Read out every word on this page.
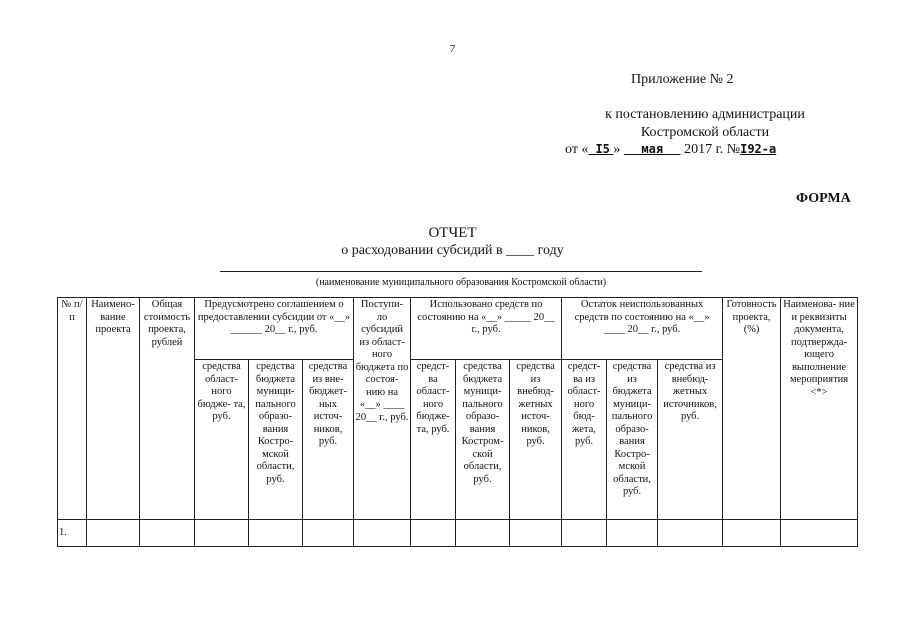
7
Приложение № 2
к постановлению администрации
Костромской области
от « I5 » мая 2017 г. №I92-а
ФОРМА
ОТЧЕТ
о расходовании субсидий в ____ году
(наименование муниципального образования Костромской области)
№ п/п	Наимено- вание проекта	Общая стоимость проекта, рублей	Предусмотрено соглашением о предоставлении субсидии от «__» ______ 20__ г., руб.			Поступи- ло субсидий из област- ного бюджета по состоя- нию на «__» ____ 20__ г., руб.	Использовано средств по состоянию на «__» _____ 20__ г., руб.			Остаток неиспользованных средств по состоянию на «__» ____ 20__ г., руб.			Готовность проекта, (%)	Наименова- ние и реквизиты документа, подтвержда- ющего выполнение мероприятия <*>
			средства област- ного бюдже- та, руб.	средства бюджета муници- пального образо- вания Костро- мской области, руб.	средства из вне- бюджет- ных источ- ников, руб.		средст- ва област- ного бюдже- та, руб.	средства бюджета муници- пального образо- вания Костром- ской области, руб.	средства из внебюд- жетных источ- ников, руб.	средст- ва из област- ного бюд- жета, руб.	средства из бюджета муници- пального образо- вания Костро- мской области, руб.	средства из внебюд- жетных источников, руб.		
1.														
